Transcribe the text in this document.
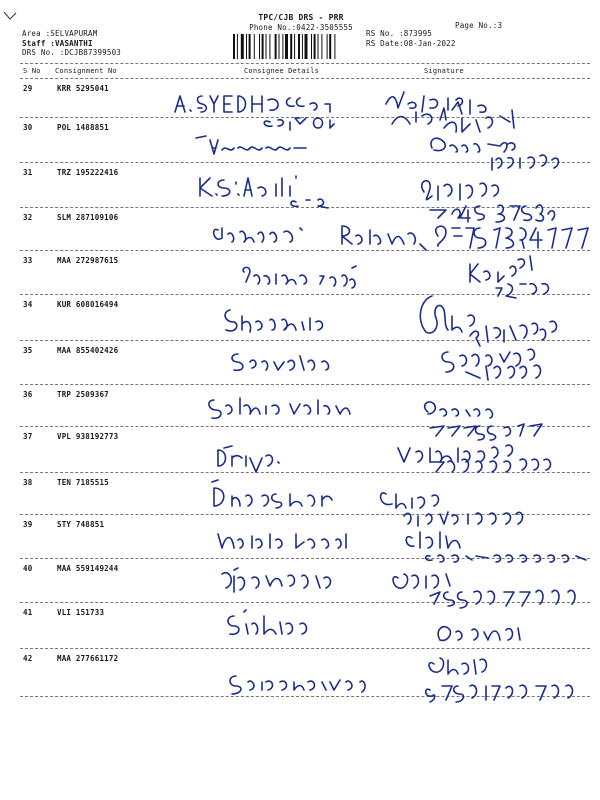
TPC/CJB DRS - PRR
Phone No.:0422-3505555	Page No.:3
Area :SELVAPURAM
Staff :VASANTHI
DRS No. :DCJB87399503
RS No. :873995
RS Date:08-Jan-2022
S No Consignment No	Consignee Details	Signature
29	KRR 5295041
30	POL 1488851
31	TRZ 195222416
32	SLM 287109106
33	MAA 272987615
34	KUR 608016494
35	MAA 855402426
36	TRP 2509367
37	VPL 938192773
38	TEN 7185515
39	STY 748851
40	MAA 559149244
41	VLI 151733
42	MAA 277661172
